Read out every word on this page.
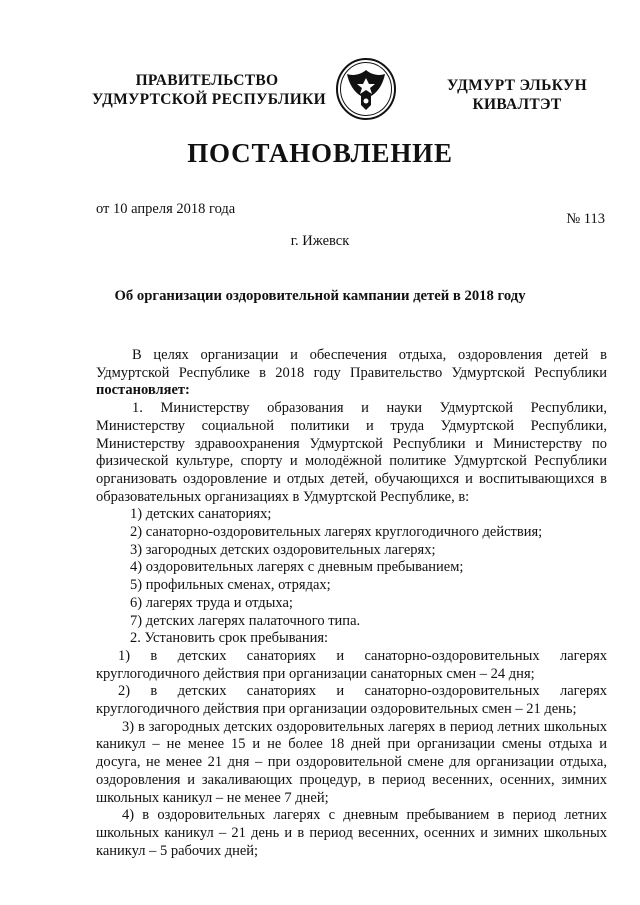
ПРАВИТЕЛЬСТВО
УДМУРТСКОЙ РЕСПУБЛИКИ
УДМУРТ ЭЛЬКУН
КИВАЛТЭТ
ПОСТАНОВЛЕНИЕ
от 10 апреля 2018 года
№ 113
г. Ижевск
Об организации оздоровительной кампании детей в 2018 году

В целях организации и обеспечения отдыха, оздоровления детей в Удмуртской Республике в 2018 году Правительство Удмуртской Республики постановляет:

1. Министерству образования и науки Удмуртской Республики, Министерству социальной политики и труда Удмуртской Республики, Министерству здравоохранения Удмуртской Республики и Министерству по физической культуре, спорту и молодёжной политике Удмуртской Республики организовать оздоровление и отдых детей, обучающихся и воспитывающихся в образовательных организациях в Удмуртской Республике, в:

1) детских санаториях;

2) санаторно-оздоровительных лагерях круглогодичного действия;

3) загородных детских оздоровительных лагерях;

4) оздоровительных лагерях с дневным пребыванием;

5) профильных сменах, отрядах;

6) лагерях труда и отдыха;

7) детских лагерях палаточного типа.

2. Установить срок пребывания:

1) в детских санаториях и санаторно-оздоровительных лагерях круглогодичного действия при организации санаторных смен – 24 дня;

2) в детских санаториях и санаторно-оздоровительных лагерях круглогодичного действия при организации оздоровительных смен – 21 день;

3) в загородных детских оздоровительных лагерях в период летних школьных каникул – не менее 15 и не более 18 дней при организации смены отдыха и досуга, не менее 21 дня – при оздоровительной смене для организации отдыха, оздоровления и закаливающих процедур, в период весенних, осенних, зимних школьных каникул – не менее 7 дней;

4) в оздоровительных лагерях с дневным пребыванием в период летних школьных каникул – 21 день и в период весенних, осенних и зимних школьных каникул – 5 рабочих дней;
